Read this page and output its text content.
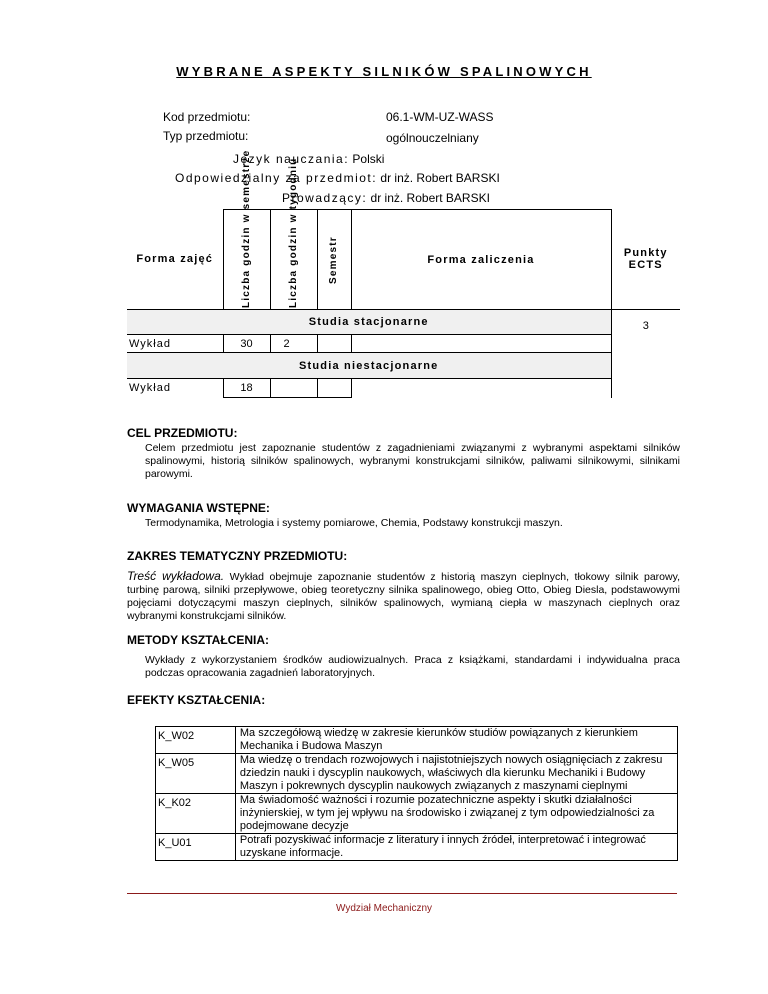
WYBRANE ASPEKTY SILNIKÓW SPALINOWYCH
Kod przedmiotu:	06.1-WM-UZ-WASS
Typ przedmiotu:	ogólnouczelniany
Język nauczania: Polski
Odpowiedzialny za przedmiot: dr inż. Robert BARSKI
Prowadzący: dr inż. Robert BARSKI
Forma zajęć	Liczba godzin w semestrze	Liczba godzin w tygodniu	Semestr	Forma zaliczenia	Punkty ECTS
Studia stacjonarne					3
Wykład	30	2			
Studia niestacjonarne					
Wykład	18				
CEL PRZEDMIOTU:
Celem przedmiotu jest zapoznanie studentów z zagadnieniami związanymi z wybranymi aspektami silników spalinowymi, historią silników spalinowych, wybranymi konstrukcjami silników, paliwami silnikowymi, silnikami parowymi.
WYMAGANIA WSTĘPNE:
Termodynamika, Metrologia i systemy pomiarowe, Chemia, Podstawy konstrukcji maszyn.
ZAKRES TEMATYCZNY PRZEDMIOTU:
Treść wykładowa. Wykład obejmuje zapoznanie studentów z historią maszyn cieplnych, tłokowy silnik parowy, turbinę parową, silniki przepływowe, obieg teoretyczny silnika spalinowego, obieg Otto, Obieg Diesla, podstawowymi pojęciami dotyczącymi maszyn cieplnych, silników spalinowych, wymianą ciepła w maszynach cieplnych oraz wybranymi konstrukcjami silników.
METODY KSZTAŁCENIA:
Wykłady z wykorzystaniem środków audiowizualnych. Praca z książkami, standardami i indywidualna praca podczas opracowania zagadnień laboratoryjnych.
EFEKTY KSZTAŁCENIA:
K_W02	Ma szczegółową wiedzę w zakresie kierunków studiów powiązanych z kierunkiem Mechanika i Budowa Maszyn
K_W05	Ma wiedzę o trendach rozwojowych i najistotniejszych nowych osiągnięciach z zakresu dziedzin nauki i dyscyplin naukowych, właściwych dla kierunku Mechaniki i Budowy Maszyn i pokrewnych dyscyplin naukowych związanych z maszynami cieplnymi
K_K02	Ma świadomość ważności i rozumie pozatechniczne aspekty i skutki działalności inżynierskiej, w tym jej wpływu na środowisko i związanej z tym odpowiedzialności za podejmowane decyzje
K_U01	Potrafi pozyskiwać informacje z literatury i innych źródeł, interpretować i integrować uzyskane informacje.
Wydział Mechaniczny
